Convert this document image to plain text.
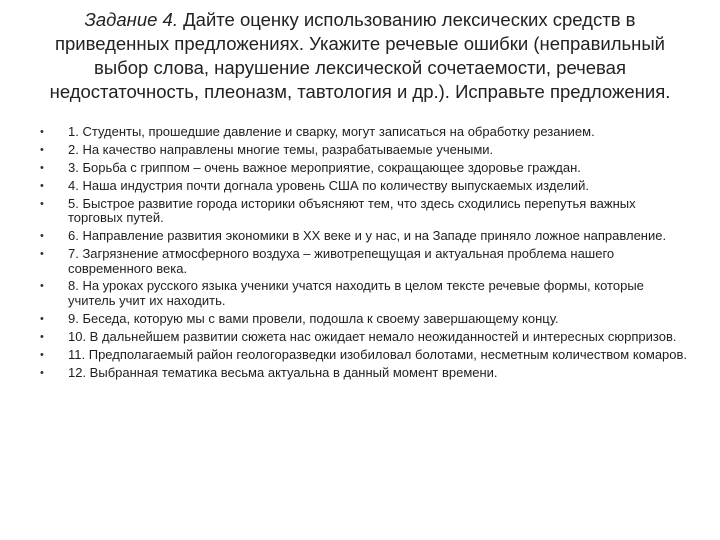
Задание 4. Дайте оценку использованию лексических средств в приведенных предложениях. Укажите речевые ошибки (неправильный выбор слова, нарушение лексической сочетаемости, речевая недостаточность, плеоназм, тавтология и др.). Исправьте предложения.
• 1. Студенты, прошедшие давление и сварку, могут записаться на обработку резанием.
• 2. На качество направлены многие темы, разрабатываемые учеными.
• 3. Борьба с гриппом – очень важное мероприятие, сокращающее здоровье граждан.
• 4. Наша индустрия почти догнала уровень США по количеству выпускаемых изделий.
• 5. Быстрое развитие города историки объясняют тем, что здесь сходились перепутья важных торговых путей.
• 6. Направление развития экономики в XX веке и у нас, и на Западе приняло ложное направление.
• 7. Загрязнение атмосферного воздуха – животрепещущая и актуальная проблема нашего современного века.
• 8. На уроках русского языка ученики учатся находить в целом тексте речевые формы, которые учитель учит их находить.
• 9. Беседа, которую мы с вами провели, подошла к своему завершающему концу.
• 10. В дальнейшем развитии сюжета нас ожидает немало неожиданностей и интересных сюрпризов.
• 11. Предполагаемый район геологоразведки изобиловал болотами, несметным количеством комаров.
• 12. Выбранная тематика весьма актуальна в данный момент времени.
